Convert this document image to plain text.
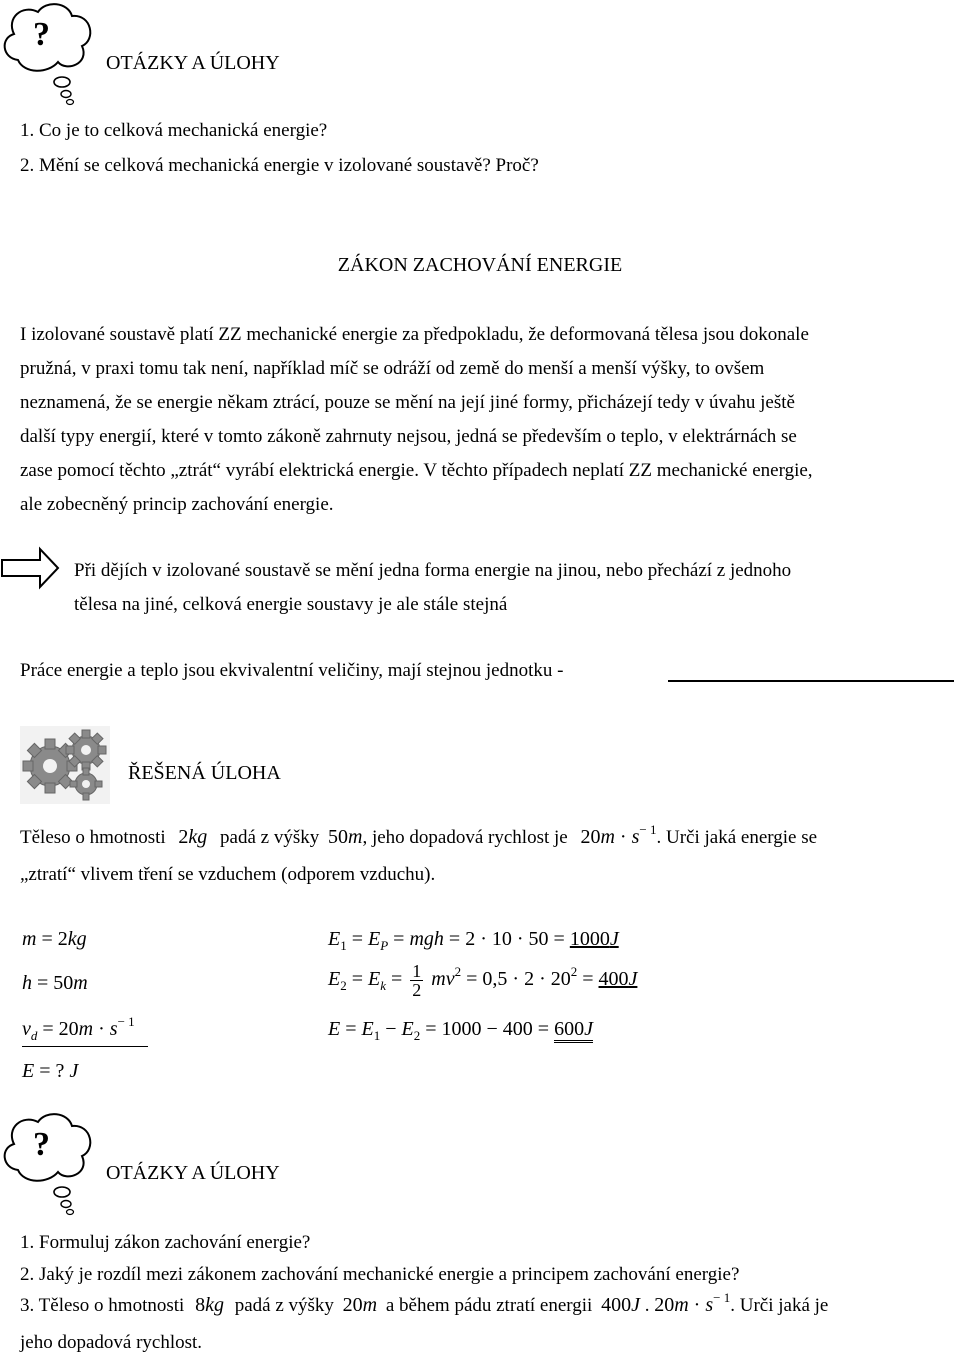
?
OTÁZKY A ÚLOHY
1. Co je to celková mechanická energie?
2. Mění se celková mechanická energie v izolované soustavě? Proč?
ZÁKON ZACHOVÁNÍ ENERGIE
I izolované soustavě platí ZZ mechanické energie za předpokladu, že deformovaná tělesa jsou dokonale
pružná, v praxi tomu tak není, například míč se odráží od země do menší a menší výšky, to ovšem
neznamená, že se energie někam ztrácí, pouze se mění na její jiné formy, přicházejí tedy v úvahu ještě
další typy energií, které v tomto zákoně zahrnuty nejsou, jedná se především o teplo, v elektrárnách se
zase pomocí těchto „ztrát“ vyrábí elektrická energie. V těchto případech neplatí ZZ mechanické energie,
ale zobecněný princip zachování energie.
Při dějích v izolované soustavě se mění jedna forma energie na jinou, nebo přechází z jednoho
tělesa na jiné, celková energie soustavy je ale stále stejná
Práce energie a teplo jsou ekvivalentní veličiny, mají stejnou jednotku -
ŘEŠENÁ ÚLOHA
Těleso o hmotnosti 2kg padá z výšky 50m, jeho dopadová rychlost je $20m \cdot s^{- 1}$. Urči jaká energie se
„ztratí“ vlivem tření se vzduchem (odporem vzduchu).
m = 2kg
h = 50m
$v_d = 20m \cdot s^{- 1}$
E = ? J
$E_1 = E_P$ = mgh = 2 · 10 · 50 = 1000J
$E_2 = E_k = \frac{1}{2} mv^2 = 0,5 \cdot 2 \cdot 20^2 = 400J$
$E = E_1 - E_2 = 1000 - 400 = 600J$
?
OTÁZKY A ÚLOHY
1. Formuluj zákon zachování energie?
2. Jaký je rozdíl mezi zákonem zachování mechanické energie a principem zachování energie?
3. Těleso o hmotnosti 8kg padá z výšky 20m a během pádu ztratí energii 400J . $20m \cdot s^{- 1}$. Urči jaká je
jeho dopadová rychlost.
